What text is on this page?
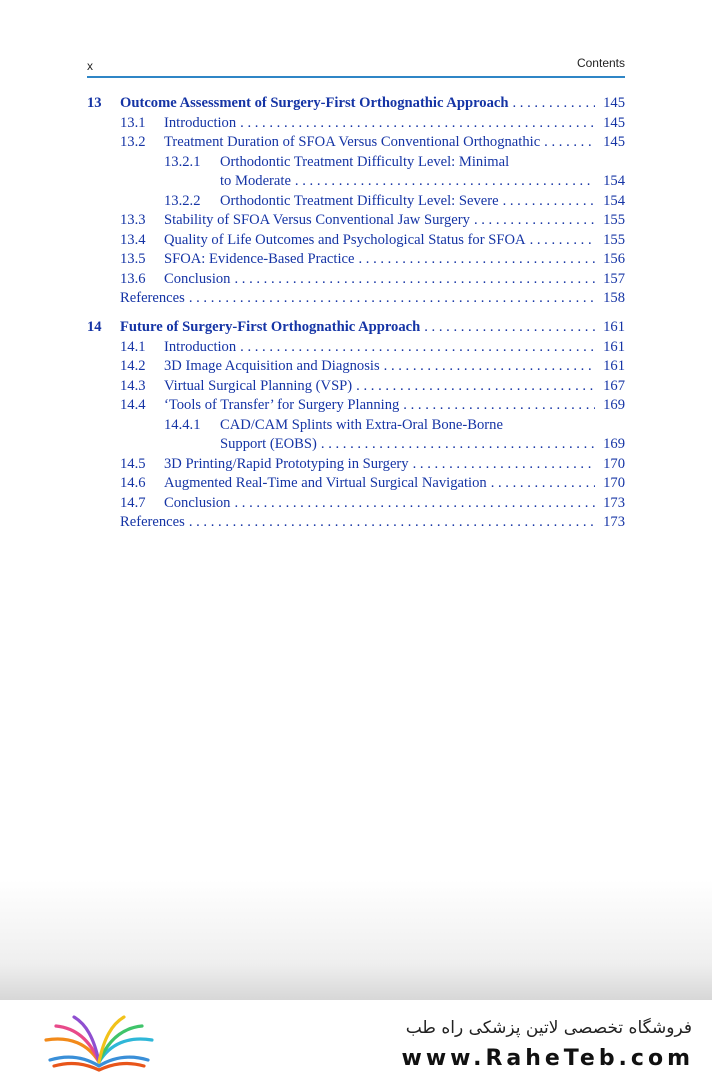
x	Contents
13 Outcome Assessment of Surgery-First Orthognathic Approach . . .	145
13.1 Introduction . . .	145
13.2 Treatment Duration of SFOA Versus Conventional Orthognathic . . .	145
13.2.1 Orthodontic Treatment Difficulty Level: Minimal
to Moderate . . .	154
13.2.2 Orthodontic Treatment Difficulty Level: Severe . . .	154
13.3 Stability of SFOA Versus Conventional Jaw Surgery . . .	155
13.4 Quality of Life Outcomes and Psychological Status for SFOA . . .	155
13.5 SFOA: Evidence-Based Practice . . .	156
13.6 Conclusion . . .	157
References . . .	158
14 Future of Surgery-First Orthognathic Approach . . .	161
14.1 Introduction . . .	161
14.2 3D Image Acquisition and Diagnosis . . .	161
14.3 Virtual Surgical Planning (VSP) . . .	167
14.4 ‘Tools of Transfer’ for Surgery Planning . . .	169
14.4.1 CAD/CAM Splints with Extra-Oral Bone-Borne
Support (EOBS) . . .	169
14.5 3D Printing/Rapid Prototyping in Surgery . . .	170
14.6 Augmented Real-Time and Virtual Surgical Navigation . . .	170
14.7 Conclusion . . .	173
References . . .	173
فروشگاه تخصصی لاتین پزشکی راه طب
www.RaheTeb.com
